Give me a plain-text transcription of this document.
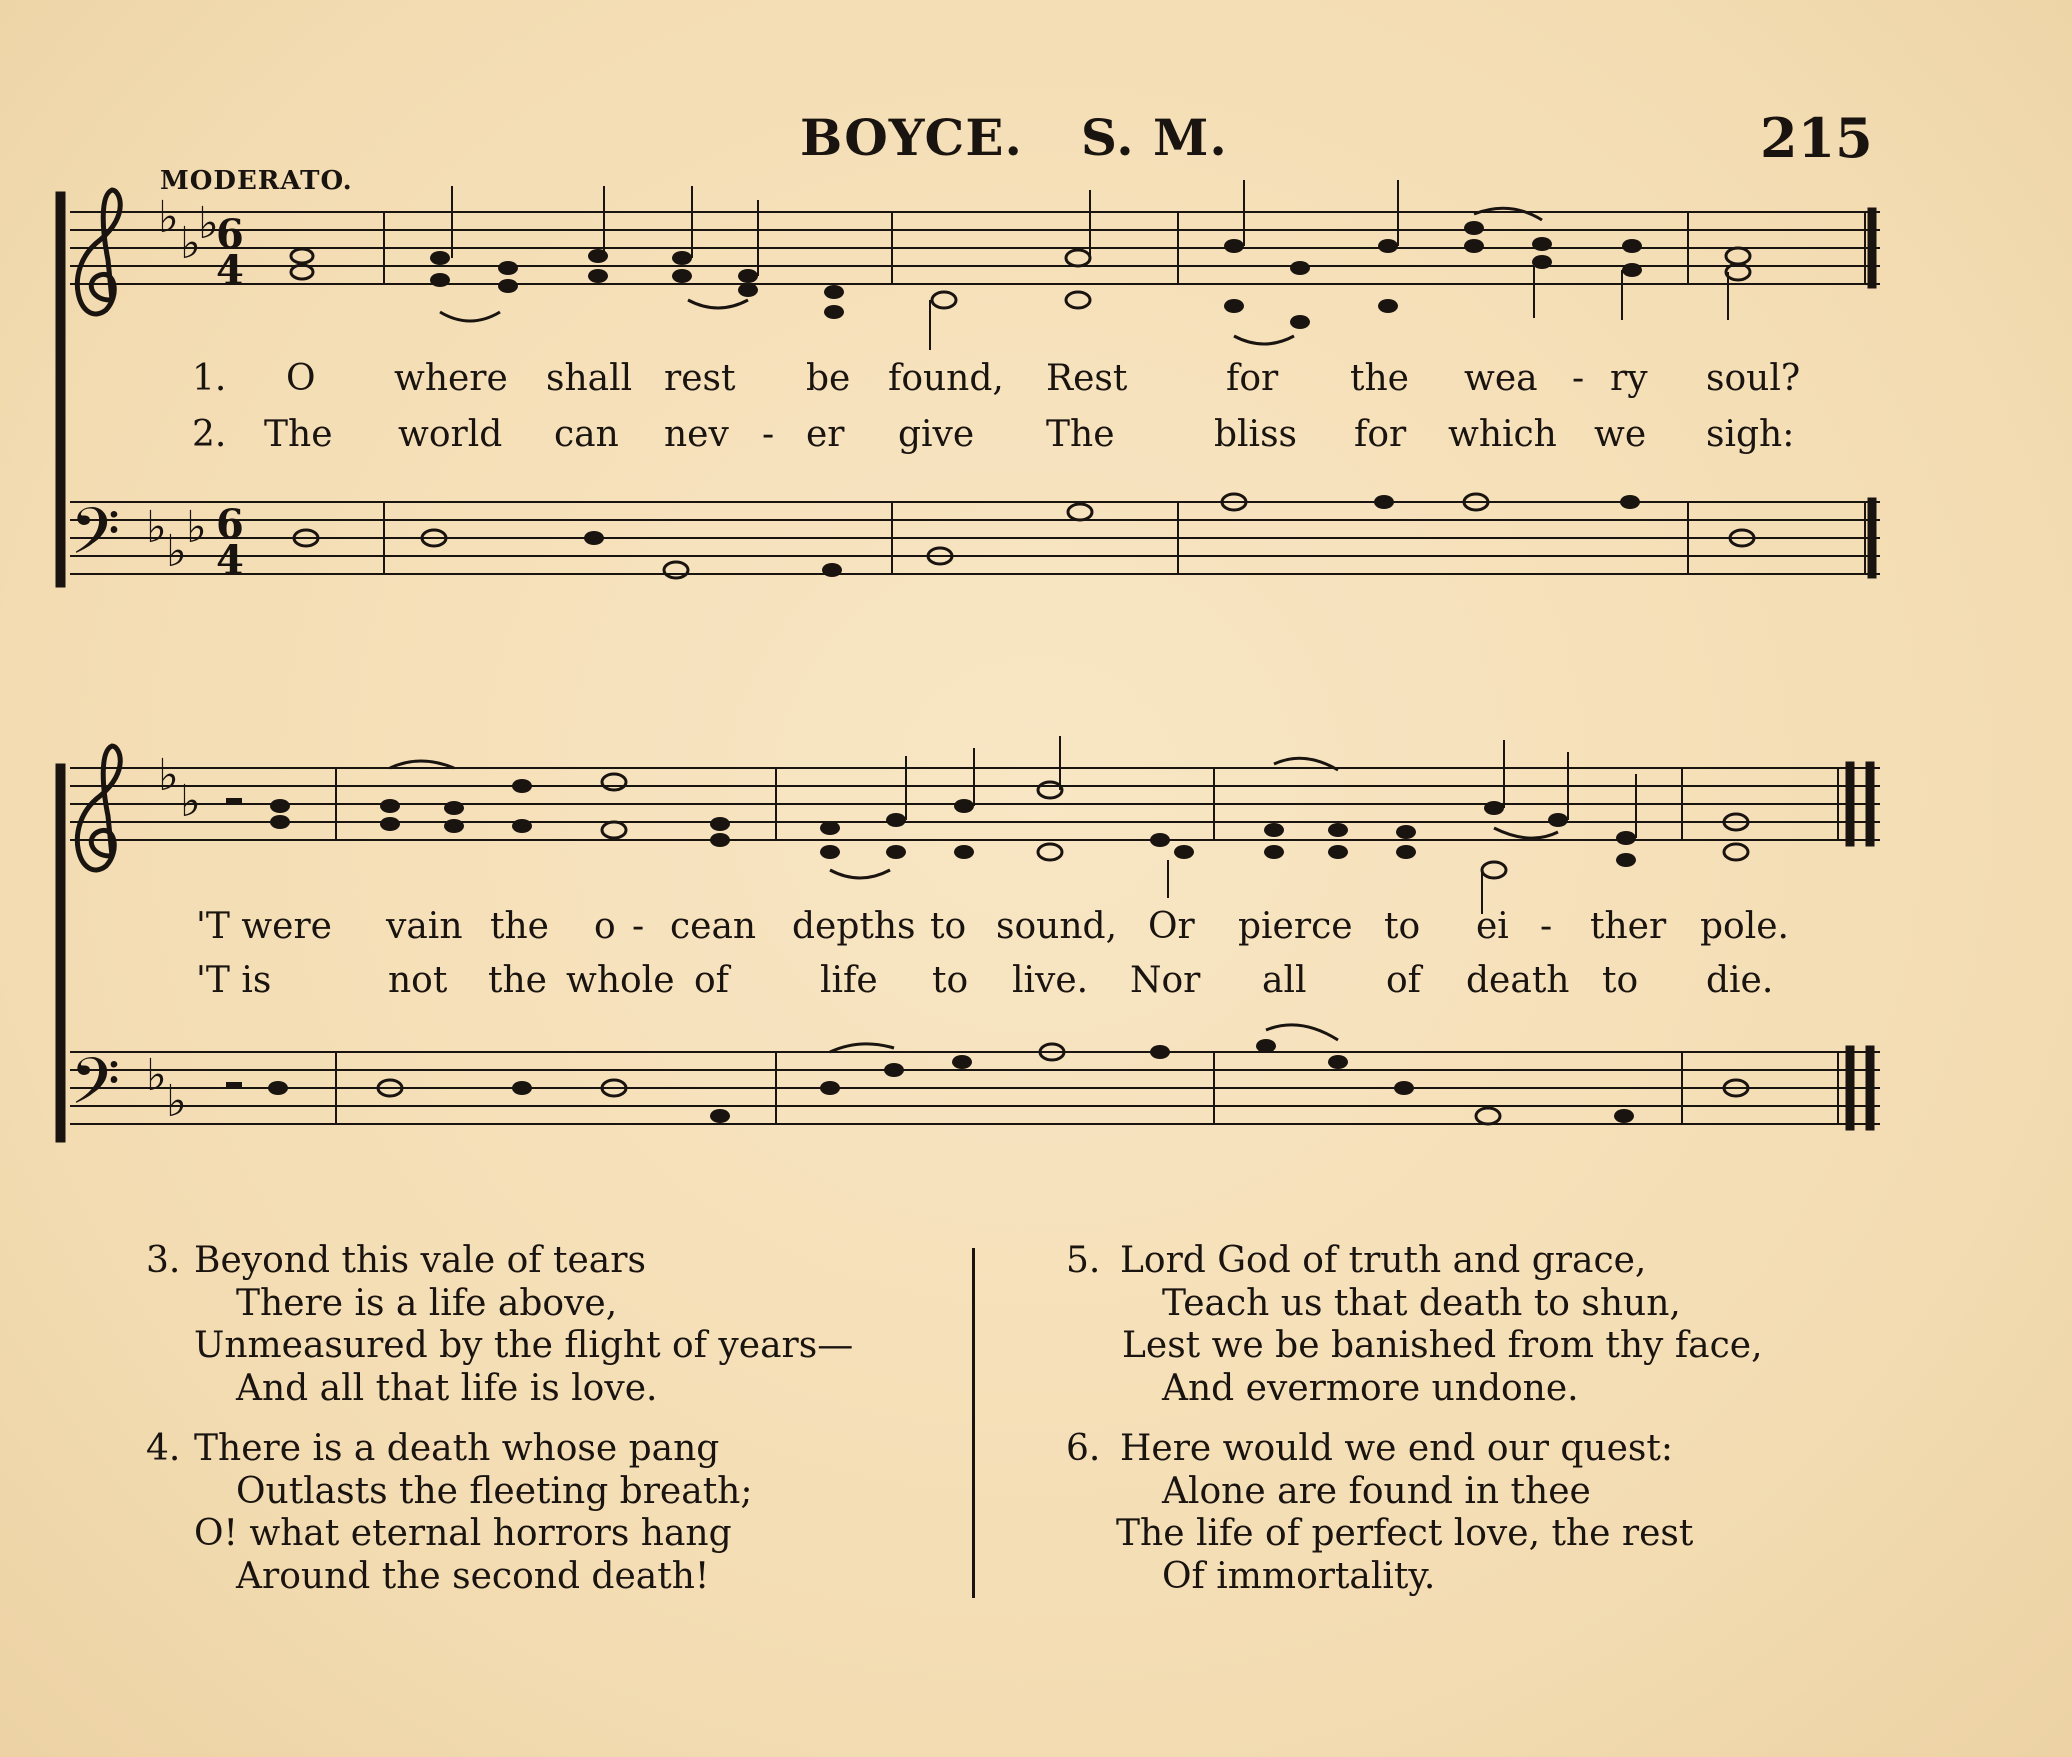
BOYCE. S. M.	215
MODERATO.
♭
♭
♭
6
4
𝄢 ♭ ♭ ♭ 6
4
♭
♭
𝄢 ♭
♭
1. O where shall rest be found, Rest	for the wea - ry soul?
2. The world can nev - er give The	bliss for which we sigh:
'T were vain the o - cean depths to sound, Or pierce to ei - ther pole.
'T is	not the whole of	life to live. Nor all of death to die.
3. Beyond this vale of tears
There is a life above,
Unmeasured by the flight of years—
And all that life is love.
4. There is a death whose pang
Outlasts the fleeting breath;
O! what eternal horrors hang
Around the second death!
5. Lord God of truth and grace,
Teach us that death to shun,
Lest we be banished from thy face,
And evermore undone.
6. Here would we end our quest:
Alone are found in thee
The life of perfect love, the rest
Of immortality.
